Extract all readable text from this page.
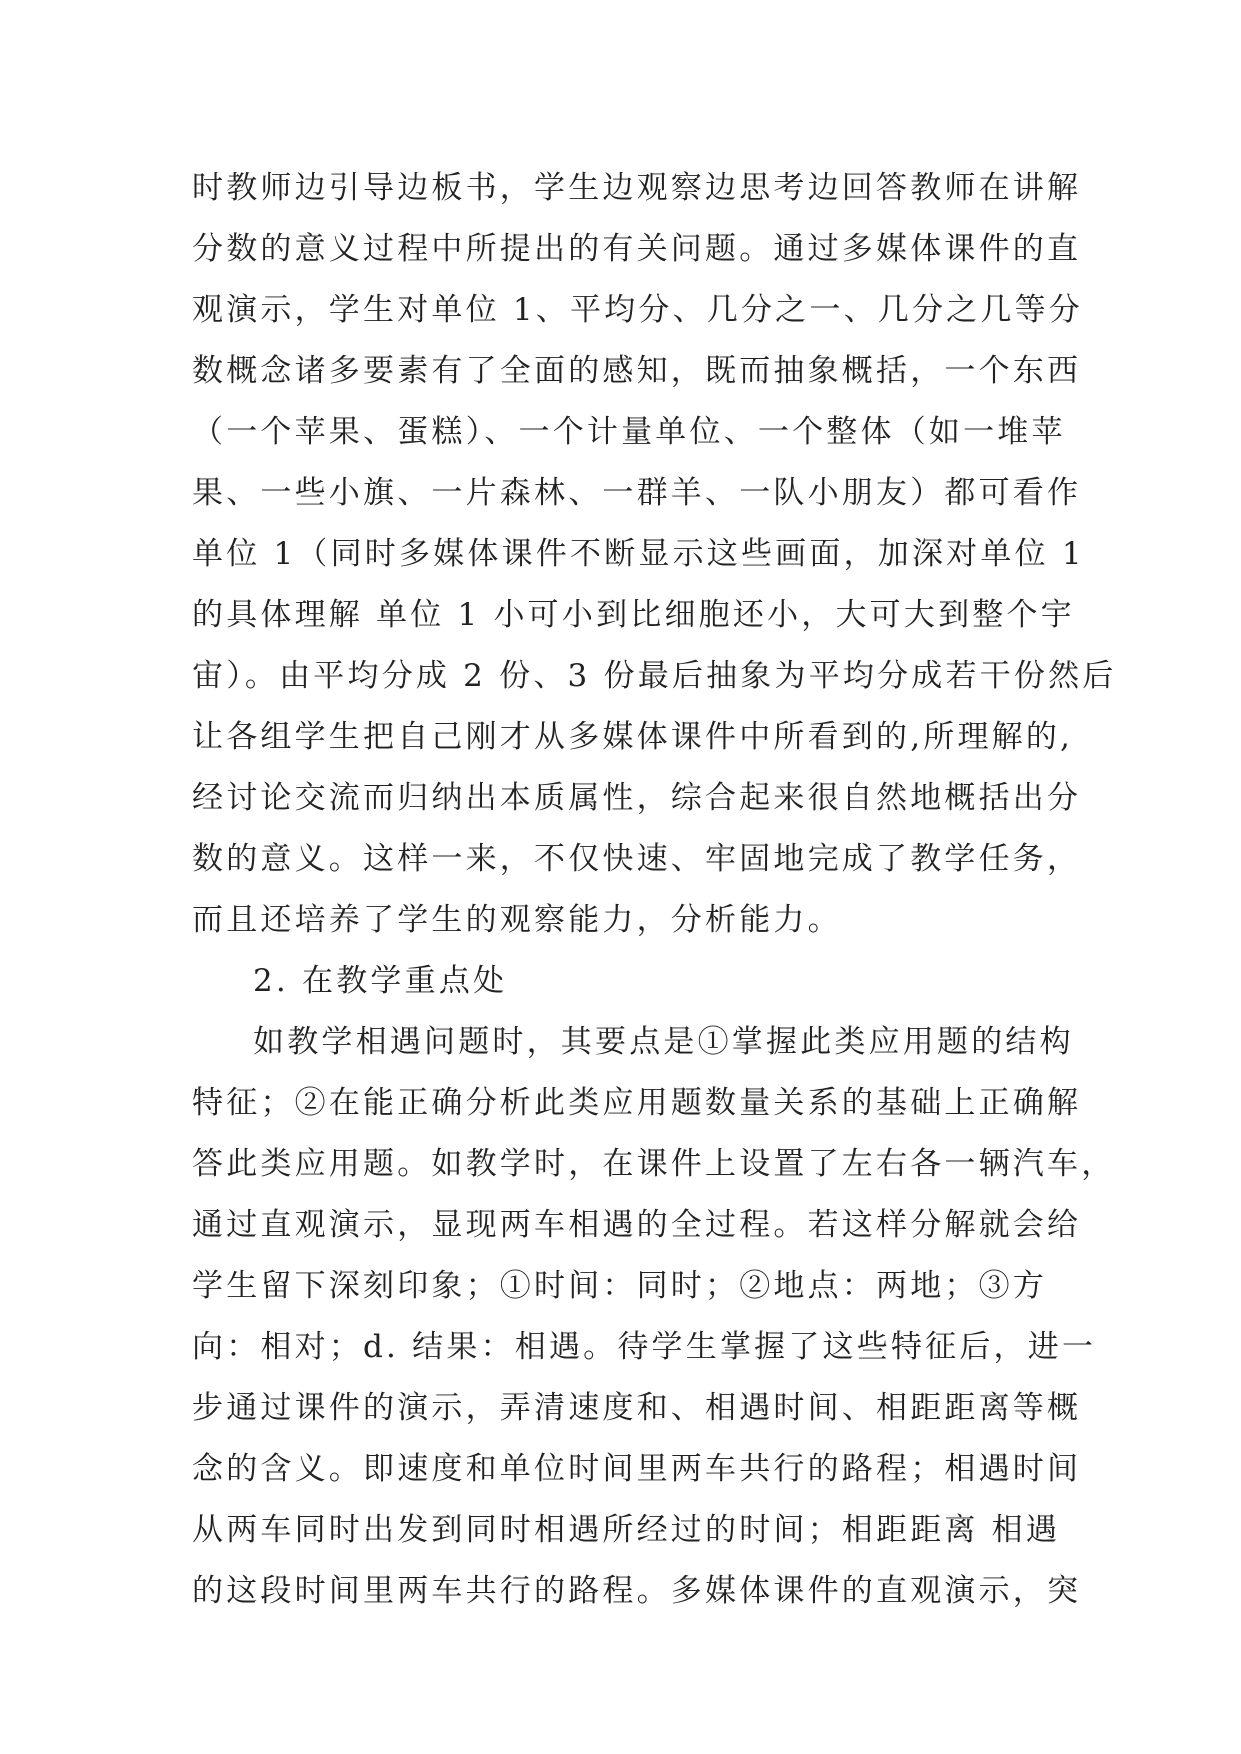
时教师边引导边板书，学生边观察边思考边回答教师在讲解
分数的意义过程中所提出的有关问题。通过多媒体课件的直
观演示，学生对单位 1、平均分、几分之一、几分之几等分
数概念诸多要素有了全面的感知，既而抽象概括，一个东西
（一个苹果、蛋糕）、一个计量单位、一个整体（如一堆苹
果、一些小旗、一片森林、一群羊、一队小朋友）都可看作
单位 1（同时多媒体课件不断显示这些画面，加深对单位 1
的具体理解 单位 1 小可小到比细胞还小，大可大到整个宇
宙）。由平均分成 2 份、3 份最后抽象为平均分成若干份然后
让各组学生把自己刚才从多媒体课件中所看到的,所理解的,
经讨论交流而归纳出本质属性，综合起来很自然地概括出分
数的意义。这样一来，不仅快速、牢固地完成了教学任务，
而且还培养了学生的观察能力，分析能力。
2. 在教学重点处
如教学相遇问题时，其要点是①掌握此类应用题的结构
特征；②在能正确分析此类应用题数量关系的基础上正确解
答此类应用题。如教学时，在课件上设置了左右各一辆汽车，
通过直观演示，显现两车相遇的全过程。若这样分解就会给
学生留下深刻印象；①时间：同时；②地点：两地；③方
向：相对；d. 结果：相遇。待学生掌握了这些特征后，进一
步通过课件的演示，弄清速度和、相遇时间、相距距离等概
念的含义。即速度和单位时间里两车共行的路程；相遇时间
从两车同时出发到同时相遇所经过的时间；相距距离 相遇
的这段时间里两车共行的路程。多媒体课件的直观演示，突
